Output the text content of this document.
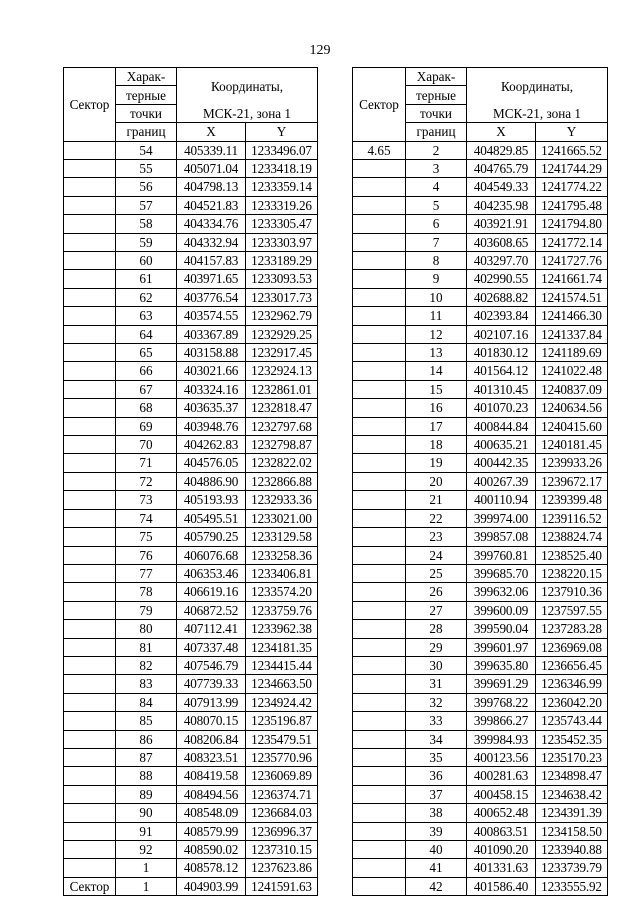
129
Сектор	Харак-	Координаты,	

	терные		
	точки	МСК-21, зона 1	
	границ	X	Y
	54	405339.11	1233496.07
	55	405071.04	1233418.19
	56	404798.13	1233359.14
	57	404521.83	1233319.26
	58	404334.76	1233305.47
	59	404332.94	1233303.97
	60	404157.83	1233189.29
	61	403971.65	1233093.53
	62	403776.54	1233017.73
	63	403574.55	1232962.79
	64	403367.89	1232929.25
	65	403158.88	1232917.45
	66	403021.66	1232924.13
	67	403324.16	1232861.01
	68	403635.37	1232818.47
	69	403948.76	1232797.68
	70	404262.83	1232798.87
	71	404576.05	1232822.02
	72	404886.90	1232866.88
	73	405193.93	1232933.36
	74	405495.51	1233021.00
	75	405790.25	1233129.58
	76	406076.68	1233258.36
	77	406353.46	1233406.81
	78	406619.16	1233574.20
	79	406872.52	1233759.76
	80	407112.41	1233962.38
	81	407337.48	1234181.35
	82	407546.79	1234415.44
	83	407739.33	1234663.50
	84	407913.99	1234924.42
	85	408070.15	1235196.87
	86	408206.84	1235479.51
	87	408323.51	1235770.96
	88	408419.58	1236069.89
	89	408494.56	1236374.71
	90	408548.09	1236684.03
	91	408579.99	1236996.37
	92	408590.02	1237310.15
	1	408578.12	1237623.86
Сектор	1	404903.99	1241591.63
Сектор	Харак-	Координаты,	

	терные		
	точки	МСК-21, зона 1	
	границ	X	Y
4.65	2	404829.85	1241665.52
	3	404765.79	1241744.29
	4	404549.33	1241774.22
	5	404235.98	1241795.48
	6	403921.91	1241794.80
	7	403608.65	1241772.14
	8	403297.70	1241727.76
	9	402990.55	1241661.74
	10	402688.82	1241574.51
	11	402393.84	1241466.30
	12	402107.16	1241337.84
	13	401830.12	1241189.69
	14	401564.12	1241022.48
	15	401310.45	1240837.09
	16	401070.23	1240634.56
	17	400844.84	1240415.60
	18	400635.21	1240181.45
	19	400442.35	1239933.26
	20	400267.39	1239672.17
	21	400110.94	1239399.48
	22	399974.00	1239116.52
	23	399857.08	1238824.74
	24	399760.81	1238525.40
	25	399685.70	1238220.15
	26	399632.06	1237910.36
	27	399600.09	1237597.55
	28	399590.04	1237283.28
	29	399601.97	1236969.08
	30	399635.80	1236656.45
	31	399691.29	1236346.99
	32	399768.22	1236042.20
	33	399866.27	1235743.44
	34	399984.93	1235452.35
	35	400123.56	1235170.23
	36	400281.63	1234898.47
	37	400458.15	1234638.42
	38	400652.48	1234391.39
	39	400863.51	1234158.50
	40	401090.20	1233940.88
	41	401331.63	1233739.79
	42	401586.40	1233555.92
